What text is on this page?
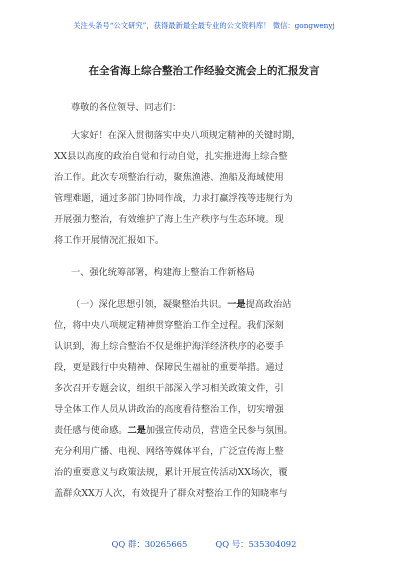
关注头条号“公文研究”，获得最新最全最专业的公文资料库！ 微信：gongwenyj
在全省海上综合整治工作经验交流会上的汇报发言
尊敬的各位领导、同志们：
大家好！在深入贯彻落实中央八项规定精神的关键时期，
XX县以高度的政治自觉和行动自觉，扎实推进海上综合整
治工作。此次专项整治行动，聚焦渔港、渔船及海域使用
管理难题，通过多部门协同作战，力求打赢浮筏等违规行为
开展强力整治，有效维护了海上生产秩序与生态环境。现
将工作开展情况汇报如下。
一、强化统筹部署，构建海上整治工作新格局
（一）深化思想引领，凝聚整治共识。一是提高政治站
位，将中央八项规定精神贯穿整治工作全过程。我们深刻
认识到，海上综合整治不仅是维护海洋经济秩序的必要手
段，更是践行中央精神、保障民生福祉的重要举措。通过
多次召开专题会议，组织干部深入学习相关政策文件，引
导全体工作人员从讲政治的高度看待整治工作，切实增强
责任感与使命感。二是加强宣传动员，营造全民参与氛围。
充分利用广播、电视、网络等媒体平台，广泛宣传海上整
治的重要意义与政策法规，累计开展宣传活动XX场次，覆
盖群众XX万人次，有效提升了群众对整治工作的知晓率与
QQ 群：30265665	QQ 号：535304092
